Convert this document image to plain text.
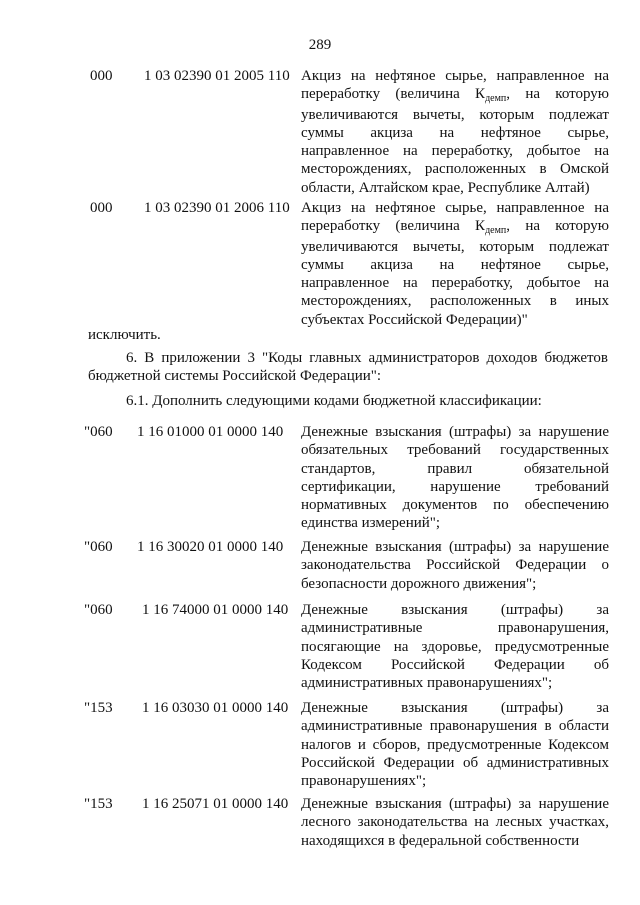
289
000 1 03 02390 01 2005 110 Акциз на нефтяное сырье, направленное на
переработку (величина $К_{демп}$, на которую
увеличиваются вычеты, которым подлежат
суммы акциза на нефтяное сырье,
направленное на переработку, добытое на
месторождениях, расположенных в Омской
области, Алтайском крае, Республике Алтай)
000 1 03 02390 01 2006 110 Акциз на нефтяное сырье, направленное на
переработку (величина $К_{демп}$, на которую
увеличиваются вычеты, которым подлежат
суммы акциза на нефтяное сырье,
направленное на переработку, добытое на
месторождениях, расположенных в иных
субъектах Российской Федерации)"
исключить.
6. В приложении 3 "Коды главных администраторов доходов бюджетов
бюджетной системы Российской Федерации":
6.1. Дополнить следующими кодами бюджетной классификации:
"060 1 16 01000 01 0000 140 Денежные взыскания (штрафы) за нарушение
обязательных требований государственных
стандартов, правил обязательной
сертификации, нарушение требований
нормативных документов по обеспечению
единства измерений";
"060 1 16 30020 01 0000 140 Денежные взыскания (штрафы) за нарушение
законодательства Российской Федерации о
безопасности дорожного движения";
"060 1 16 74000 01 0000 140 Денежные взыскания (штрафы) за
административные правонарушения,
посягающие на здоровье, предусмотренные
Кодексом Российской Федерации об
административных правонарушениях";
"153 1 16 03030 01 0000 140 Денежные взыскания (штрафы) за
административные правонарушения в области
налогов и сборов, предусмотренные Кодексом
Российской Федерации об административных
правонарушениях";
"153 1 16 25071 01 0000 140 Денежные взыскания (штрафы) за нарушение
лесного законодательства на лесных участках,
находящихся в федеральной собственности
